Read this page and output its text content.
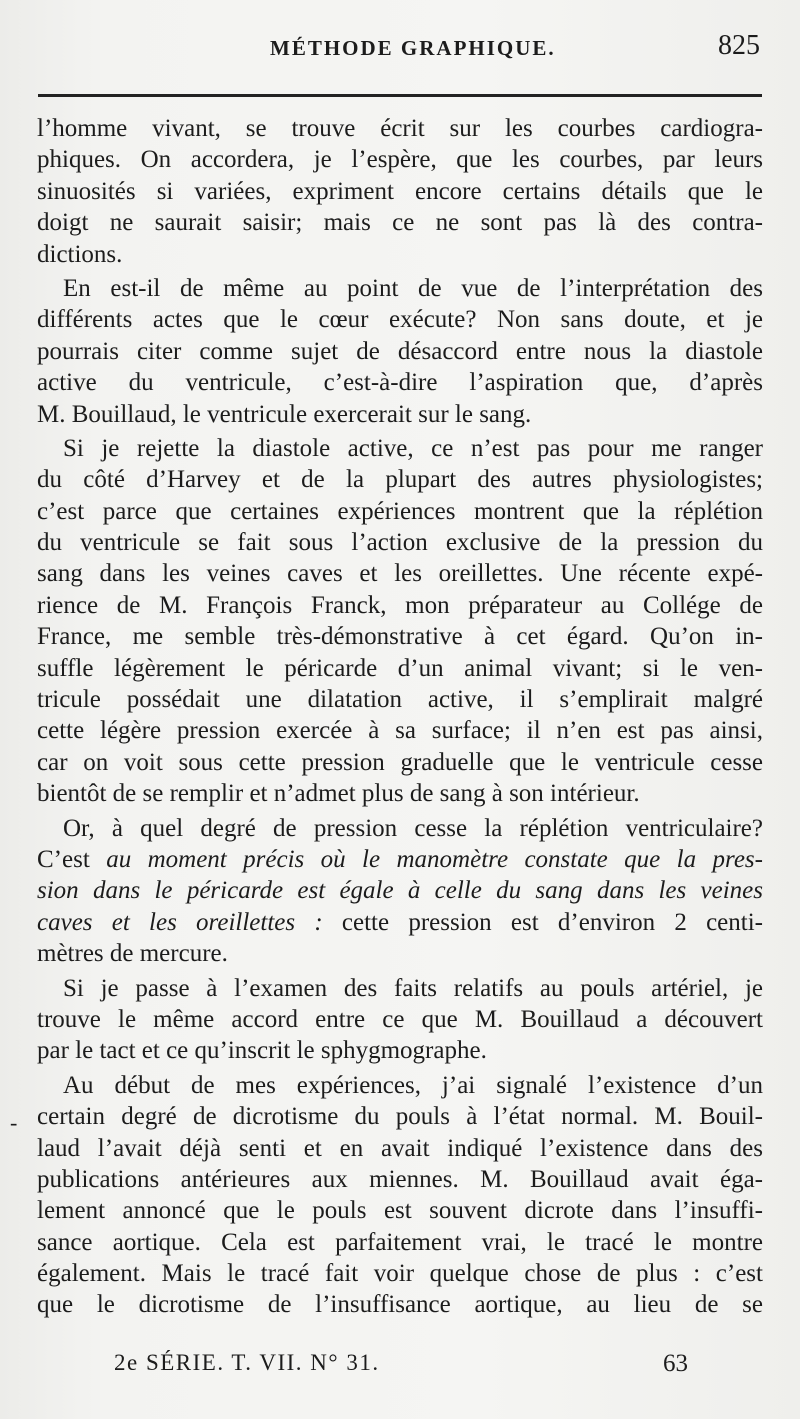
MÉTHODE GRAPHIQUE.	825
l’homme vivant, se trouve écrit sur les courbes cardiogra-
phiques. On accordera, je l’espère, que les courbes, par leurs
sinuosités si variées, expriment encore certains détails que le
doigt ne saurait saisir; mais ce ne sont pas là des contra-
dictions.
En est-il de même au point de vue de l’interprétation des
différents actes que le cœur exécute? Non sans doute, et je
pourrais citer comme sujet de désaccord entre nous la diastole
active du ventricule, c’est-à-dire l’aspiration que, d’après
M. Bouillaud, le ventricule exercerait sur le sang.
Si je rejette la diastole active, ce n’est pas pour me ranger
du côté d’Harvey et de la plupart des autres physiologistes;
c’est parce que certaines expériences montrent que la réplétion
du ventricule se fait sous l’action exclusive de la pression du
sang dans les veines caves et les oreillettes. Une récente expé-
rience de M. François Franck, mon préparateur au Collége de
France, me semble très-démonstrative à cet égard. Qu’on in-
suffle légèrement le péricarde d’un animal vivant; si le ven-
tricule possédait une dilatation active, il s’emplirait malgré
cette légère pression exercée à sa surface; il n’en est pas ainsi,
car on voit sous cette pression graduelle que le ventricule cesse
bientôt de se remplir et n’admet plus de sang à son intérieur.
Or, à quel degré de pression cesse la réplétion ventriculaire?
C’est au moment précis où le manomètre constate que la pres-
sion dans le péricarde est égale à celle du sang dans les veines
caves et les oreillettes : cette pression est d’environ 2 centi-
mètres de mercure.
Si je passe à l’examen des faits relatifs au pouls artériel, je
trouve le même accord entre ce que M. Bouillaud a découvert
par le tact et ce qu’inscrit le sphygmographe.
Au début de mes expériences, j’ai signalé l’existence d’un
certain degré de dicrotisme du pouls à l’état normal. M. Bouil-
laud l’avait déjà senti et en avait indiqué l’existence dans des
publications antérieures aux miennes. M. Bouillaud avait éga-
lement annoncé que le pouls est souvent dicrote dans l’insuffi-
sance aortique. Cela est parfaitement vrai, le tracé le montre
également. Mais le tracé fait voir quelque chose de plus : c’est
que le dicrotisme de l’insuffisance aortique, au lieu de se
-
2e SÉRIE. T. VII. N° 31.	63
